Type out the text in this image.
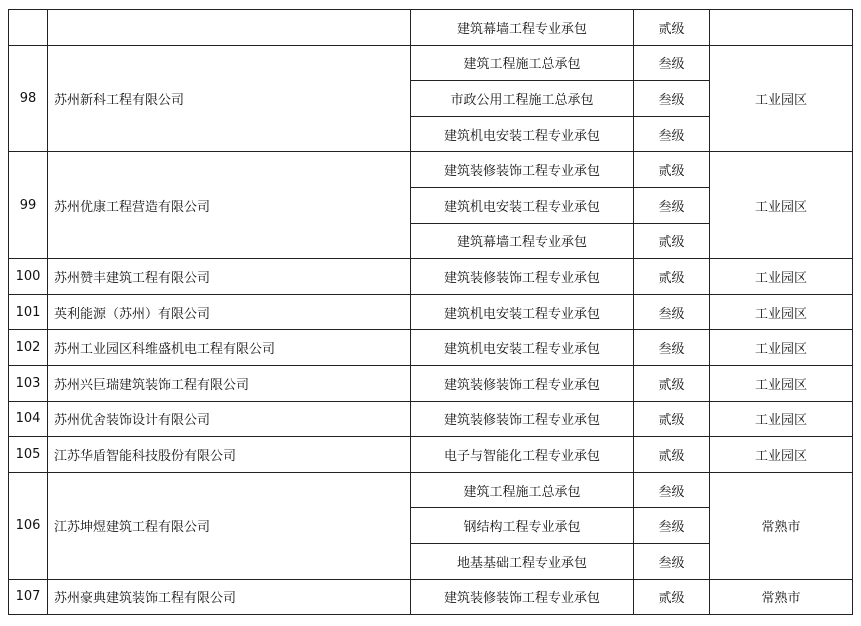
		建筑幕墙工程专业承包	贰级	
98	苏州新科工程有限公司	建筑工程施工总承包	叁级	工业园区
		市政公用工程施工总承包	叁级	
		建筑机电安装工程专业承包	叁级	
99	苏州优康工程营造有限公司	建筑装修装饰工程专业承包	贰级	工业园区
		建筑机电安装工程专业承包	叁级	
		建筑幕墙工程专业承包	贰级	
100	苏州赞丰建筑工程有限公司	建筑装修装饰工程专业承包	贰级	工业园区
101	英利能源（苏州）有限公司	建筑机电安装工程专业承包	叁级	工业园区
102	苏州工业园区科维盛机电工程有限公司	建筑机电安装工程专业承包	叁级	工业园区
103	苏州兴巨瑞建筑装饰工程有限公司	建筑装修装饰工程专业承包	贰级	工业园区
104	苏州优舍装饰设计有限公司	建筑装修装饰工程专业承包	贰级	工业园区
105	江苏华盾智能科技股份有限公司	电子与智能化工程专业承包	贰级	工业园区
106	江苏坤煜建筑工程有限公司	建筑工程施工总承包	叁级	常熟市
		钢结构工程专业承包	叁级	
		地基基础工程专业承包	叁级	
107	苏州豪典建筑装饰工程有限公司	建筑装修装饰工程专业承包	贰级	常熟市
